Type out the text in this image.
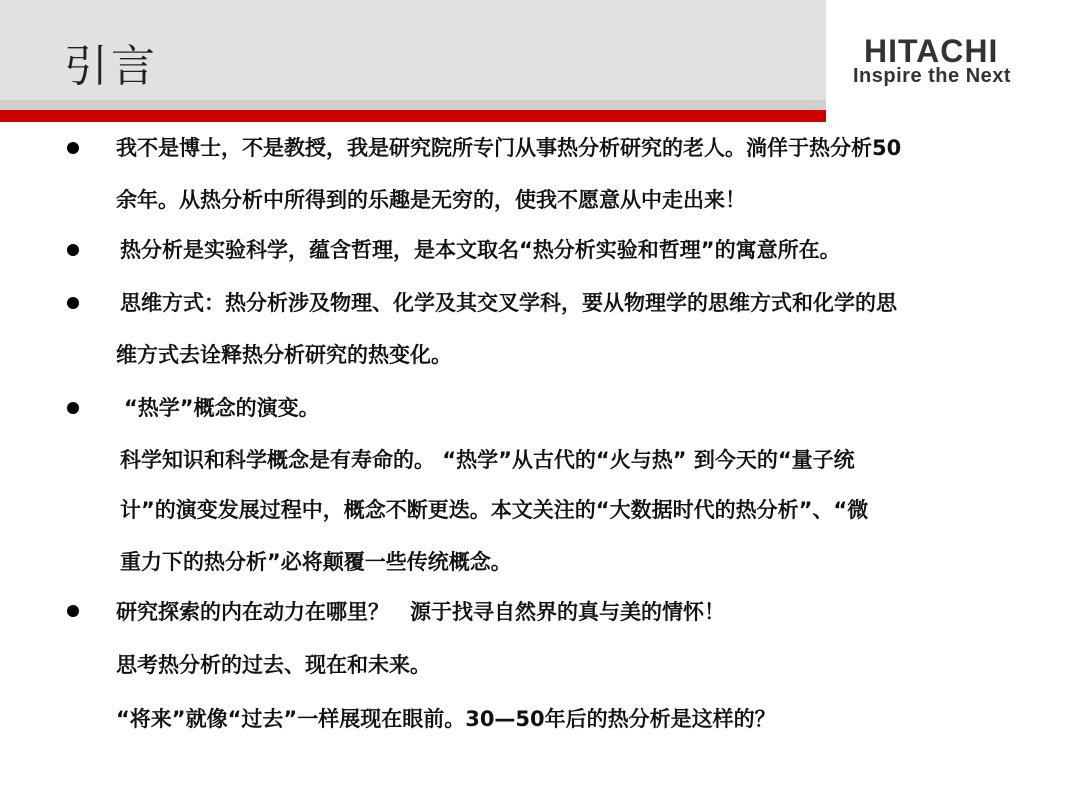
引言	HITACHI
Inspire the Next
我不是博士，不是教授，我是研究院所专门从事热分析研究的老人。淌佯于热分析50
余年。从热分析中所得到的乐趣是无穷的，使我不愿意从中走出来！
热分析是实验科学，蕴含哲理，是本文取名“热分析实验和哲理”的寓意所在。
思维方式：热分析涉及物理、化学及其交叉学科，要从物理学的思维方式和化学的思
维方式去诠释热分析研究的热变化。
“热学”概念的演变。
科学知识和科学概念是有寿命的。 “热学”从古代的“火与热” 到今天的“量子统
计”的演变发展过程中，概念不断更迭。本文关注的“大数据时代的热分析”、“微
重力下的热分析”必将颠覆一些传统概念。
研究探索的内在动力在哪里？　源于找寻自然界的真与美的情怀！
思考热分析的过去、现在和未来。
“将来”就像“过去”一样展现在眼前。30—50年后的热分析是这样的？
